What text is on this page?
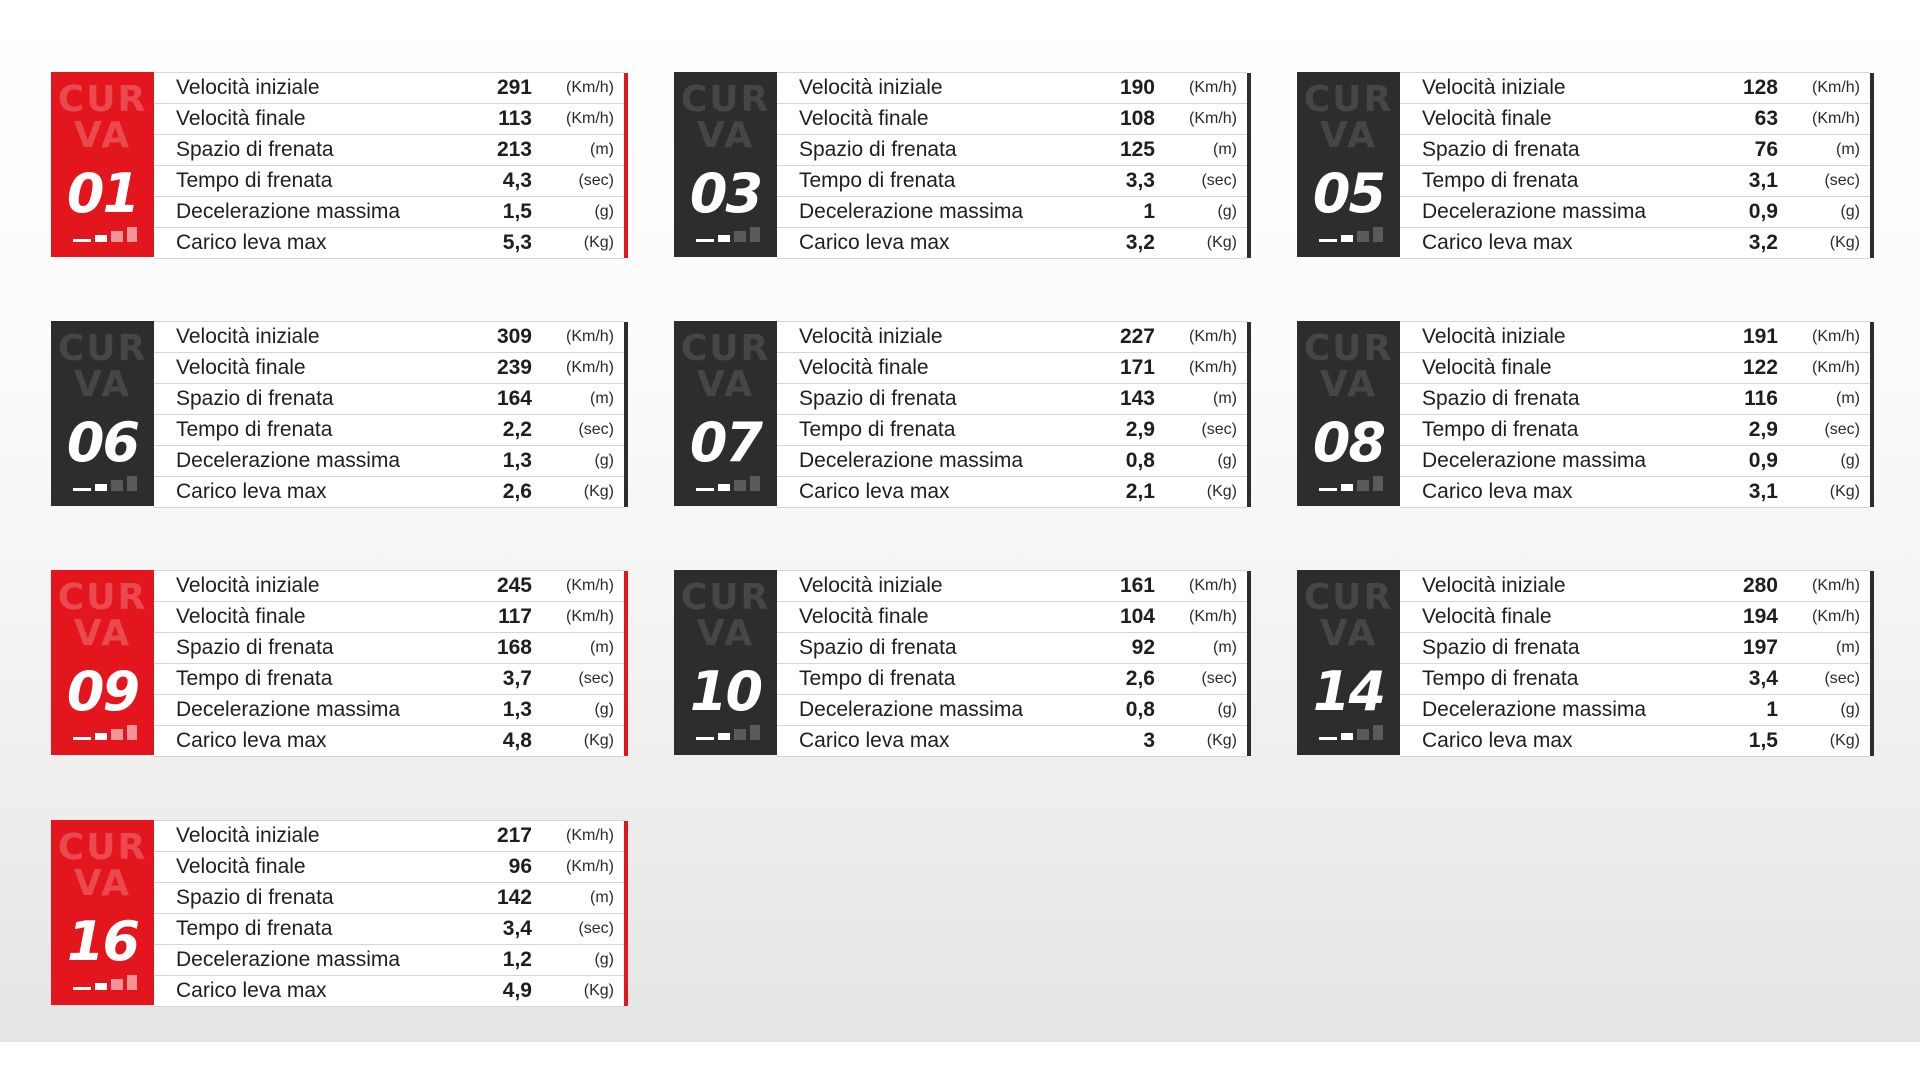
CUR
VA
01
Velocità iniziale	291 (Km/h)
Velocità finale	113 (Km/h)
Spazio di frenata	213	(m)
Tempo di frenata	4,3	(sec)
Decelerazione massima	1,5	(g)
Carico leva max	5,3	(Kg)
CUR
VA
03
Velocità iniziale	190 (Km/h)
Velocità finale	108 (Km/h)
Spazio di frenata	125	(m)
Tempo di frenata	3,3	(sec)
Decelerazione massima	1	(g)
Carico leva max	3,2	(Kg)
CUR
VA
05
Velocità iniziale	128 (Km/h)
Velocità finale	63 (Km/h)
Spazio di frenata	76	(m)
Tempo di frenata	3,1	(sec)
Decelerazione massima	0,9	(g)
Carico leva max	3,2	(Kg)
CUR
VA
06
Velocità iniziale	309 (Km/h)
Velocità finale	239 (Km/h)
Spazio di frenata	164	(m)
Tempo di frenata	2,2	(sec)
Decelerazione massima	1,3	(g)
Carico leva max	2,6	(Kg)
CUR
VA
07
Velocità iniziale	227 (Km/h)
Velocità finale	171 (Km/h)
Spazio di frenata	143	(m)
Tempo di frenata	2,9	(sec)
Decelerazione massima	0,8	(g)
Carico leva max	2,1	(Kg)
CUR
VA
08
Velocità iniziale	191 (Km/h)
Velocità finale	122 (Km/h)
Spazio di frenata	116	(m)
Tempo di frenata	2,9	(sec)
Decelerazione massima	0,9	(g)
Carico leva max	3,1	(Kg)
CUR
VA
09
Velocità iniziale	245 (Km/h)
Velocità finale	117 (Km/h)
Spazio di frenata	168	(m)
Tempo di frenata	3,7	(sec)
Decelerazione massima	1,3	(g)
Carico leva max	4,8	(Kg)
CUR
VA
10
Velocità iniziale	161 (Km/h)
Velocità finale	104 (Km/h)
Spazio di frenata	92	(m)
Tempo di frenata	2,6	(sec)
Decelerazione massima	0,8	(g)
Carico leva max	3	(Kg)
CUR
VA
14
Velocità iniziale	280 (Km/h)
Velocità finale	194 (Km/h)
Spazio di frenata	197	(m)
Tempo di frenata	3,4	(sec)
Decelerazione massima	1	(g)
Carico leva max	1,5	(Kg)
CUR
VA
16
Velocità iniziale	217 (Km/h)
Velocità finale	96 (Km/h)
Spazio di frenata	142	(m)
Tempo di frenata	3,4	(sec)
Decelerazione massima	1,2	(g)
Carico leva max	4,9	(Kg)
